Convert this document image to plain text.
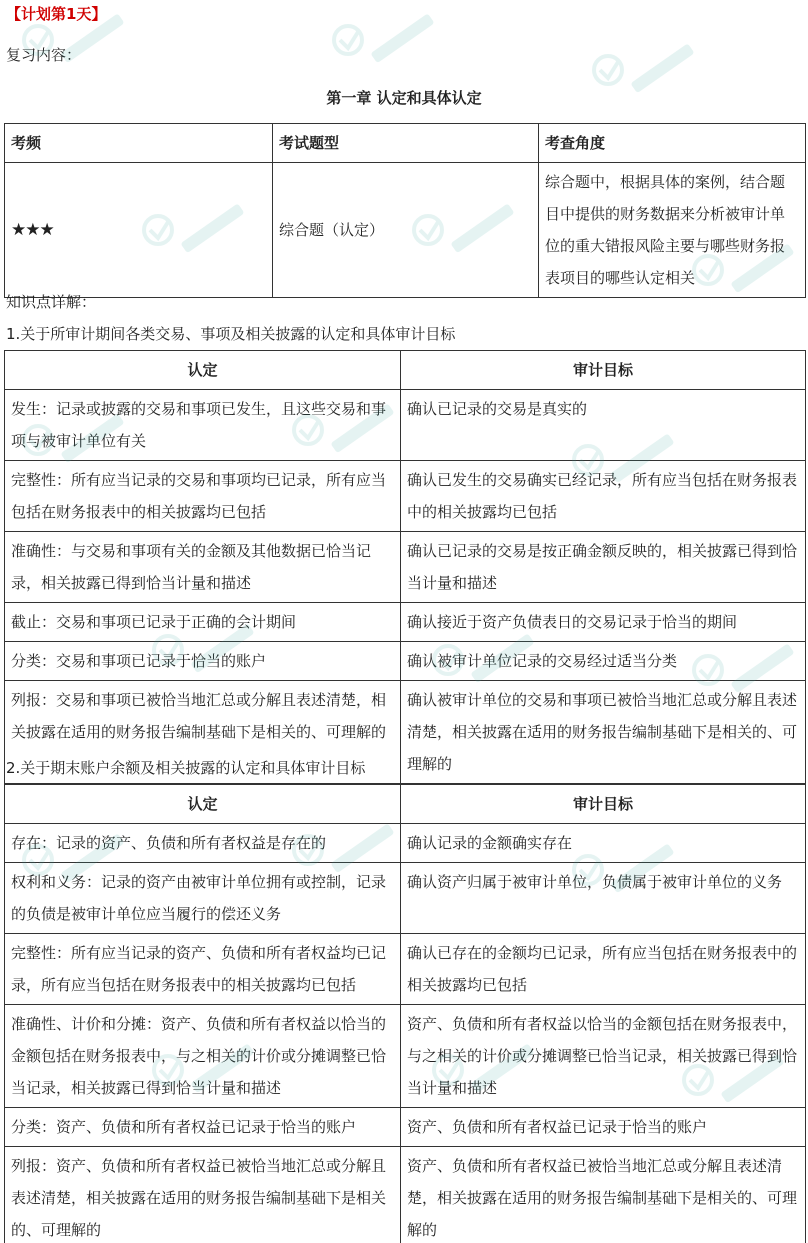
【计划第1天】
复习内容：
第一章 认定和具体认定
考频	考试题型	考查角度
★★★	综合题（认定）	综合题中，根据具体的案例，结合题目中提供的财务数据来分析被审计单位的重大错报风险主要与哪些财务报表项目的哪些认定相关
知识点详解：
1.关于所审计期间各类交易、事项及相关披露的认定和具体审计目标
认定	审计目标
发生：记录或披露的交易和事项已发生，且这些交易和事项与被审计单位有关	确认已记录的交易是真实的
完整性：所有应当记录的交易和事项均已记录，所有应当包括在财务报表中的相关披露均已包括	确认已发生的交易确实已经记录，所有应当包括在财务报表中的相关披露均已包括
准确性：与交易和事项有关的金额及其他数据已恰当记录，相关披露已得到恰当计量和描述	确认已记录的交易是按正确金额反映的，相关披露已得到恰当计量和描述
截止：交易和事项已记录于正确的会计期间	确认接近于资产负债表日的交易记录于恰当的期间
分类：交易和事项已记录于恰当的账户	确认被审计单位记录的交易经过适当分类
列报：交易和事项已被恰当地汇总或分解且表述清楚，相关披露在适用的财务报告编制基础下是相关的、可理解的	确认被审计单位的交易和事项已被恰当地汇总或分解且表述清楚，相关披露在适用的财务报告编制基础下是相关的、可理解的
2.关于期末账户余额及相关披露的认定和具体审计目标
认定	审计目标
存在：记录的资产、负债和所有者权益是存在的	确认记录的金额确实存在
权利和义务：记录的资产由被审计单位拥有或控制，记录的负债是被审计单位应当履行的偿还义务	确认资产归属于被审计单位，负债属于被审计单位的义务
完整性：所有应当记录的资产、负债和所有者权益均已记录，所有应当包括在财务报表中的相关披露均已包括	确认已存在的金额均已记录，所有应当包括在财务报表中的相关披露均已包括
准确性、计价和分摊：资产、负债和所有者权益以恰当的金额包括在财务报表中，与之相关的计价或分摊调整已恰当记录，相关披露已得到恰当计量和描述	资产、负债和所有者权益以恰当的金额包括在财务报表中，与之相关的计价或分摊调整已恰当记录，相关披露已得到恰当计量和描述
分类：资产、负债和所有者权益已记录于恰当的账户	资产、负债和所有者权益已记录于恰当的账户
列报：资产、负债和所有者权益已被恰当地汇总或分解且表述清楚，相关披露在适用的财务报告编制基础下是相关的、可理解的	资产、负债和所有者权益已被恰当地汇总或分解且表述清楚，相关披露在适用的财务报告编制基础下是相关的、可理解的
